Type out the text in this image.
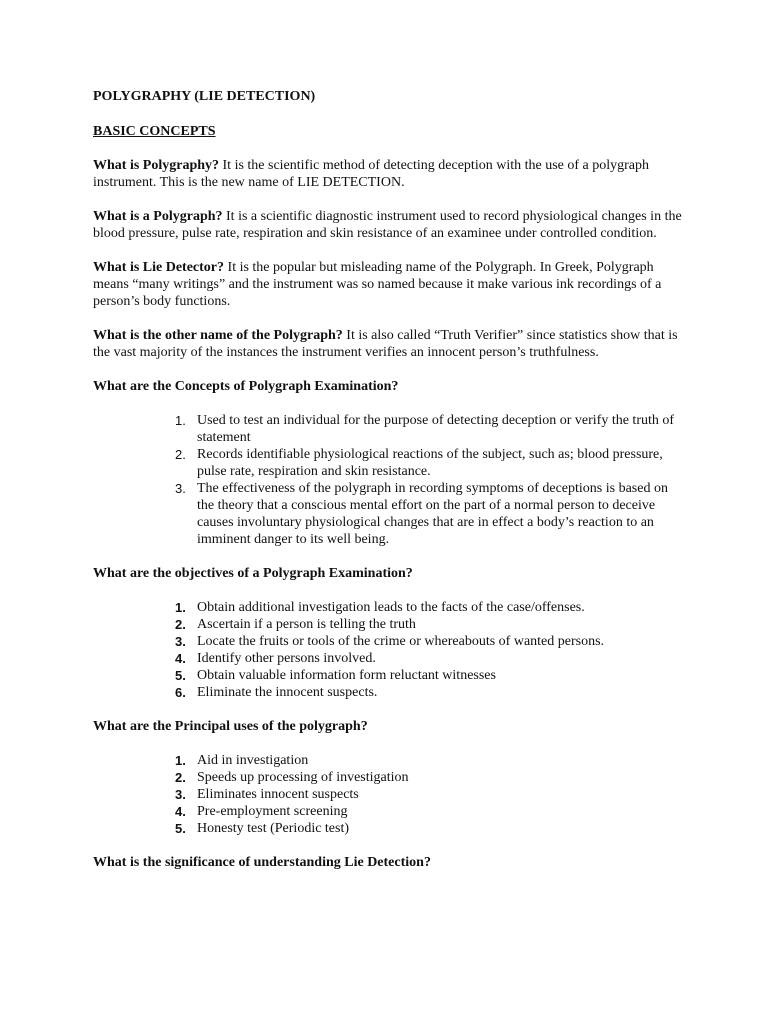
POLYGRAPHY (LIE DETECTION)
BASIC CONCEPTS

What is Polygraphy? It is the scientific method of detecting deception with the use of a polygraph instrument. This is the new name of LIE DETECTION.

What is a Polygraph? It is a scientific diagnostic instrument used to record physiological changes in the blood pressure, pulse rate, respiration and skin resistance of an examinee under controlled condition.

What is Lie Detector? It is the popular but misleading name of the Polygraph. In Greek, Polygraph means “many writings” and the instrument was so named because it make various ink recordings of a person’s body functions.

What is the other name of the Polygraph? It is also called “Truth Verifier” since statistics show that is the vast majority of the instances the instrument verifies an innocent person’s truthfulness.

What are the Concepts of Polygraph Examination?
1. Used to test an individual for the purpose of detecting deception or verify the truth of statement
2. Records identifiable physiological reactions of the subject, such as; blood pressure, pulse rate, respiration and skin resistance.
3. The effectiveness of the polygraph in recording symptoms of deceptions is based on the theory that a conscious mental effort on the part of a normal person to deceive causes involuntary physiological changes that are in effect a body’s reaction to an imminent danger to its well being.
What are the objectives of a Polygraph Examination?
1. Obtain additional investigation leads to the facts of the case/offenses.
2. Ascertain if a person is telling the truth
3. Locate the fruits or tools of the crime or whereabouts of wanted persons.
4. Identify other persons involved.
5. Obtain valuable information form reluctant witnesses
6. Eliminate the innocent suspects.
What are the Principal uses of the polygraph?
1. Aid in investigation
2. Speeds up processing of investigation
3. Eliminates innocent suspects
4. Pre-employment screening
5. Honesty test (Periodic test)
What is the significance of understanding Lie Detection?
